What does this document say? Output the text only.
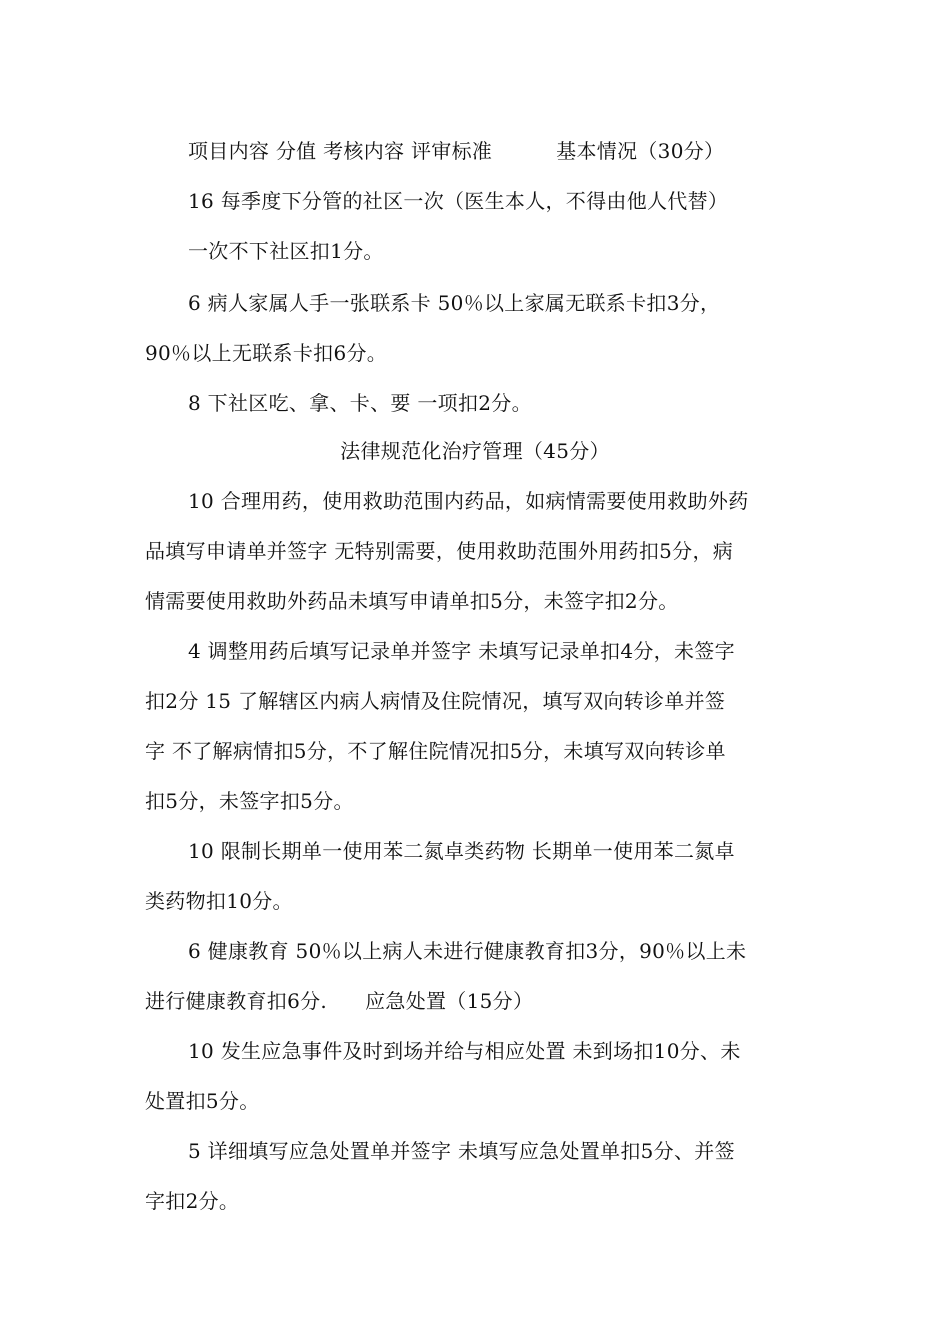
项目内容 分值 考核内容 评审标准	基本情况（30分）
16 每季度下分管的社区一次（医生本人，不得由他人代替）
一次不下社区扣1分。
6 病人家属人手一张联系卡 50％以上家属无联系卡扣3分，
90％以上无联系卡扣6分。
8 下社区吃、拿、卡、要 一项扣2分。
法律规范化治疗管理（45分）
10 合理用药，使用救助范围内药品，如病情需要使用救助外药
品填写申请单并签字 无特别需要，使用救助范围外用药扣5分，病
情需要使用救助外药品未填写申请单扣5分，未签字扣2分。
4 调整用药后填写记录单并签字 未填写记录单扣4分，未签字
扣2分 15 了解辖区内病人病情及住院情况，填写双向转诊单并签
字 不了解病情扣5分，不了解住院情况扣5分，未填写双向转诊单
扣5分，未签字扣5分。
10 限制长期单一使用苯二氮卓类药物 长期单一使用苯二氮卓
类药物扣10分。
6 健康教育 50％以上病人未进行健康教育扣3分，90％以上未
进行健康教育扣6分. 应急处置（15分）
10 发生应急事件及时到场并给与相应处置 未到场扣10分、未
处置扣5分。
5 详细填写应急处置单并签字 未填写应急处置单扣5分、并签
字扣2分。
